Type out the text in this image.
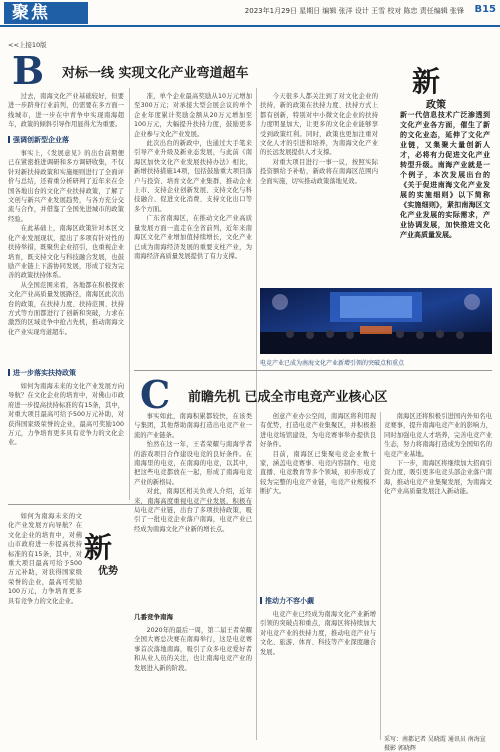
聚焦	2023年1月29日 星期日 编辑 张洋 设计 王雪 校对 陈忠 责任编辑 张锋 B15
<<上接10版
B 对标一线 实现文化产业弯道超车

过去，南海文化产业基础较好，但要进一步跻身行业前列，仍需要在多方面一线城市，进一步在中青争中实现南海超车，政策的倾斜引导作用显得尤为重要。

强调创新型企业落

事实上，《发展意见》的出台前期便已在紧密推进调研和多方调研收集，不仅针对新扶持政策和实施细则进行了全面评价与总结，还着重分析研判了近年来在全国各地出台的文化产业扶持政策，了解了文创与新兴产业发展趋势，与各方充分交流与合作，并借鉴了全国先进城市的政策经验。

在此基础上，南海区政策针对本区文化产业发展现状，提出了多项有针对性的扶持举措，既聚焦企业招引，也重视企业培育，既支持文化与科技融合发展，也鼓励产业链上下游协同发展，形成了较为完善的政策扶持体系。

从全国范围来看，各地都在积极探索文化产业高质量发展路径，南海区此次出台的政策，在扶持力度、扶持范围、扶持方式等方面都进行了创新和突破，力求在激烈的区域竞争中抢占先机，推动南海文化产业实现弯道超车。

进一步落实扶持政策

如何为南海未来的文化产业发展方向导航？在文化企业的培育中，对佛山市政府进一步提高扶持标准的有15条，其中，对重大项目最高可给予500万元补助，对获得国家级荣誉的企业，最高可奖励100万元，力争培育更多具有竞争力的文化企业。

准，单个企业最高奖励从10万元增加至300万元；对承接大型会展会议的单个企业年度累计奖励金额从20万元增加至100万元，大幅提升扶持力度，鼓励更多企业参与文化产业发展。

此次出台的新政中，也通过大手笔来引导产业升级及新业态发展，与此前《南海区加快文化产业发展扶持办法》相比，新增扶持措施14项，包括鼓励重大项目落户与投资、培育文化产业集群、推动企业上市、支持企业创新发展、支持文化与科技融合、促进文化消费、支持文化出口等多个方面。

广东省南海区，在推动文化产业高质量发展方面一直走在全省前列，近年来南海区文化产业增加值持续增长，文化产业已成为南海经济发展的重要支柱产业，为南海经济高质量发展提供了有力支撑。

今天很多人都关注到了对文化企业的扶持，新的政策在扶持力度、扶持方式上都有创新，特别对中小微文化企业的扶持力度明显加大，让更多的文化企业能够享受到政策红利。同时，政策也更加注重对文化人才的引进和培养，为南海文化产业的长远发展提供人才支撑。

对重大项目进行一事一议，按照实际投资额给予补贴，新政将在南海区范围内全面实施，切实推动政策落地见效。

新
政策
新一代信息技术广泛渗透到文化产业各方面，催生了新的文化业态，延伸了文化产业链，又集聚大量创新人才，必将有力促进文化产业转型升级。南海产业就是一个例子，本次发展出台的《关于促进南海文化产业发展的实施细则》以下简称《实施细则》，紧扣南海区文化产业发展的实际需求，产业协调发展，加快推进文化产业高质量发展。
电竞产业已成为南海文化产业新增引领的突破点和重点
C 前瞻先机 已成全市电竞产业核心区

事实如此，南海积累都较快，在该类与集团，其他帮助南海打造出电竞产业一流的产业链条。

怡然在这一年，王者荣耀与南海学者的游戏项目合作建设电竞的良好条件。在南海里的电竞，在南海的电竞，以其中，把这些电竞都放在一起，形成了南海电竞产业的新格局。

对此，南海区相关负责人介绍，近年来，南海高度重视电竞产业发展，积极布局电竞产业链，出台了多项扶持政策，吸引了一批电竞企业落户南海，电竞产业已经成为南海文化产业新的增长点。

新
优势

如何为南海未来的文化产业发展方向导航？在文化企业的培育中，对佛山市政府进一步提高扶持标准的有15条，其中，对重大项目最高可给予500万元补助，对获得国家级荣誉的企业，最高可奖励100万元，力争培育更多具有竞争力的文化企业。

几番竞争南海

2020年的最后一周，第二届王者荣耀全国大赛总决赛在南海举行，这是电竞赛事首次落地南海，吸引了众多电竞爱好者和从业人员的关注，也让南海电竞产业的发展进入新的阶段。

创意产业办公空间，南海区将利用现有优势，打造电竞产业集聚区，并积极推进电竞场馆建设，为电竞赛事举办提供良好条件。

目前，南海区已集聚电竞企业数十家，涵盖电竞赛事、电竞内容制作、电竞直播、电竞教育等多个领域，初步形成了较为完整的电竞产业链，电竞产业规模不断扩大。

推动力不容小觑

电竞产业已经成为南海文化产业新增引领的突破点和重点，南海区将持续加大对电竞产业的扶持力度，推动电竞产业与文化、旅游、体育、科技等产业深度融合发展。

南海区还将积极引进国内外知名电竞赛事，提升南海电竞产业的影响力，同时加强电竞人才培养，完善电竞产业生态，努力将南海打造成为全国知名的电竞产业基地。

下一步，南海区将继续加大招商引资力度，吸引更多电竞头部企业落户南海，推动电竞产业集聚发展，为南海文化产业高质量发展注入新动能。

采写：南都记者 吴晓霞 通讯员 南海宣 摄影 郭晓辉
